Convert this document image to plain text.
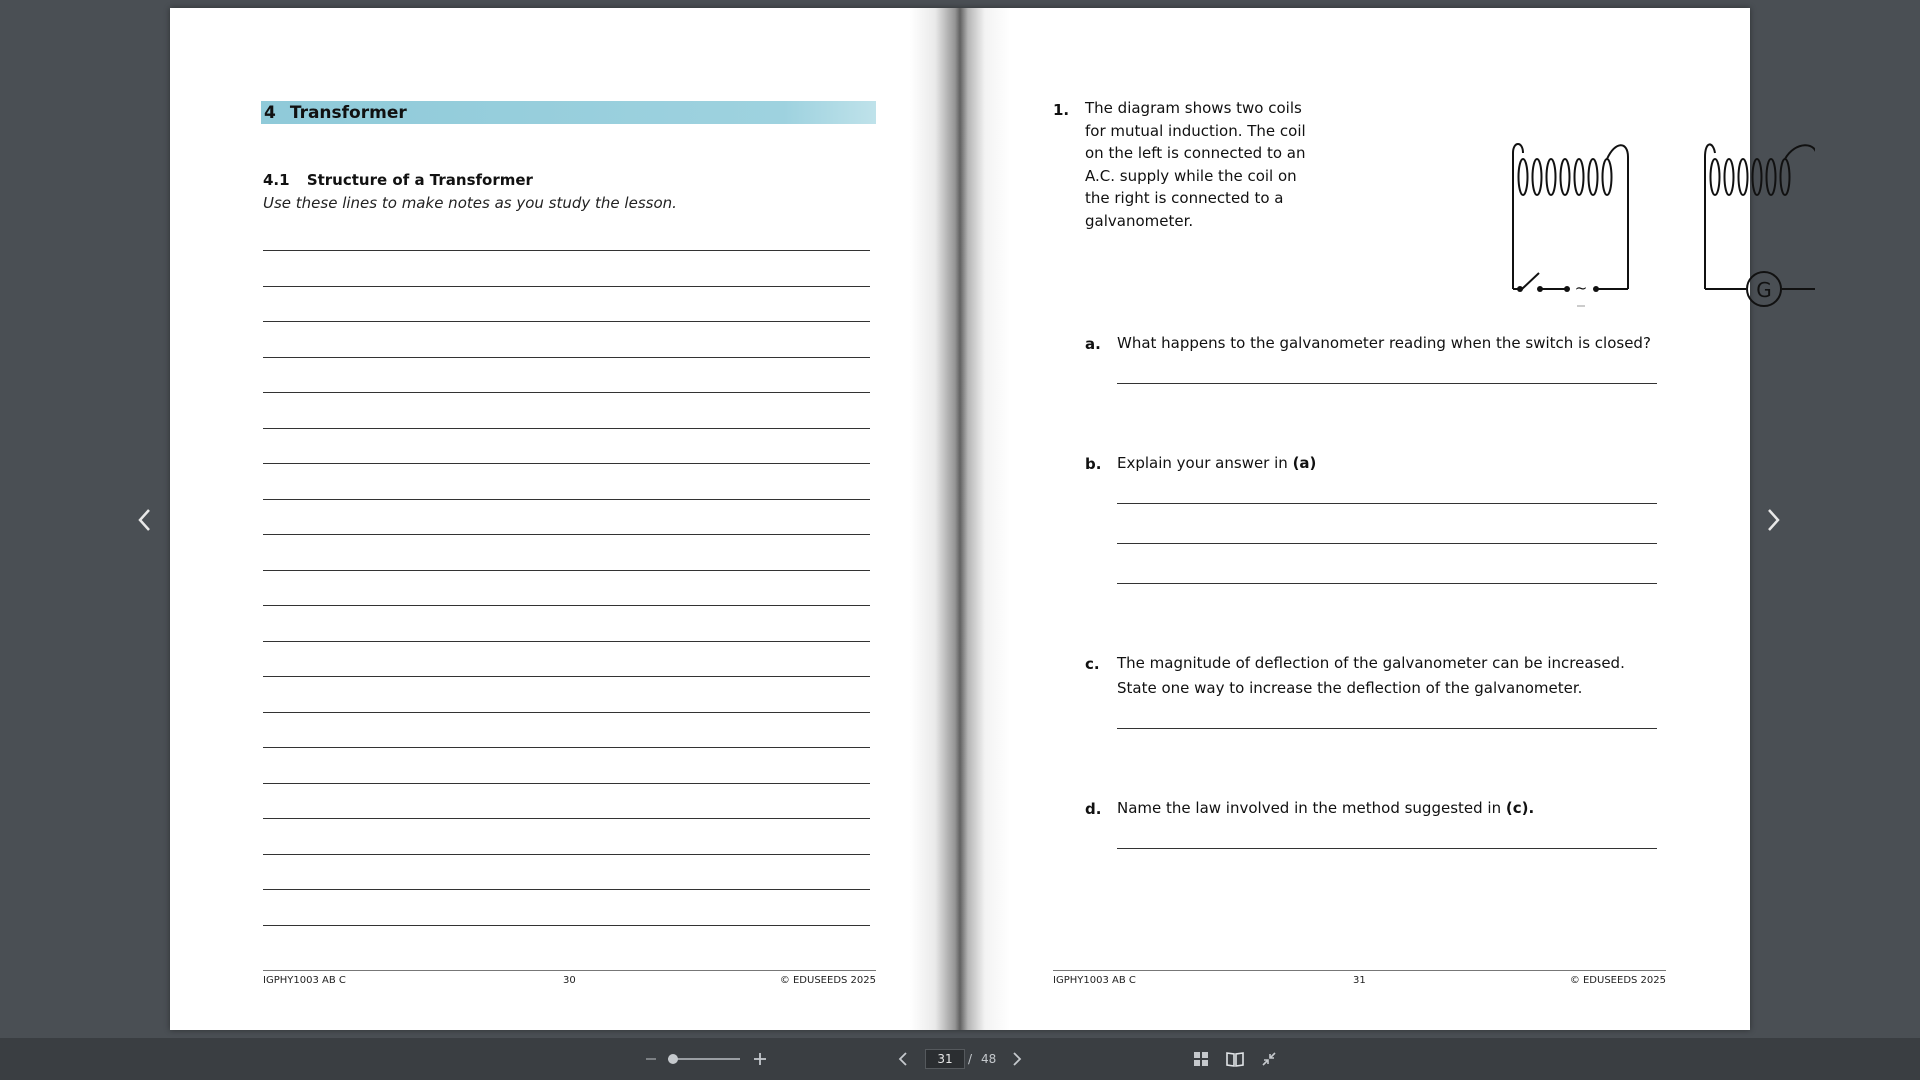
4 Transformer
4.1 Structure of a Transformer
Use these lines to make notes as you study the lesson.
IGPHY1003 AB C	30	© EDUSEEDS 2025
1. The diagram shows two coils for mutual induction. The coil on the left is connected to an A.C. supply while the coil on the right is connected to a galvanometer.
~	G
a. What happens to the galvanometer reading when the switch is closed?
b. Explain your answer in (a)
c. The magnitude of deflection of the galvanometer can be increased. State one way to increase the deflection of the galvanometer.
d. Name the law involved in the method suggested in (c).
IGPHY1003 AB C	31	© EDUSEEDS 2025
31
/ 48
